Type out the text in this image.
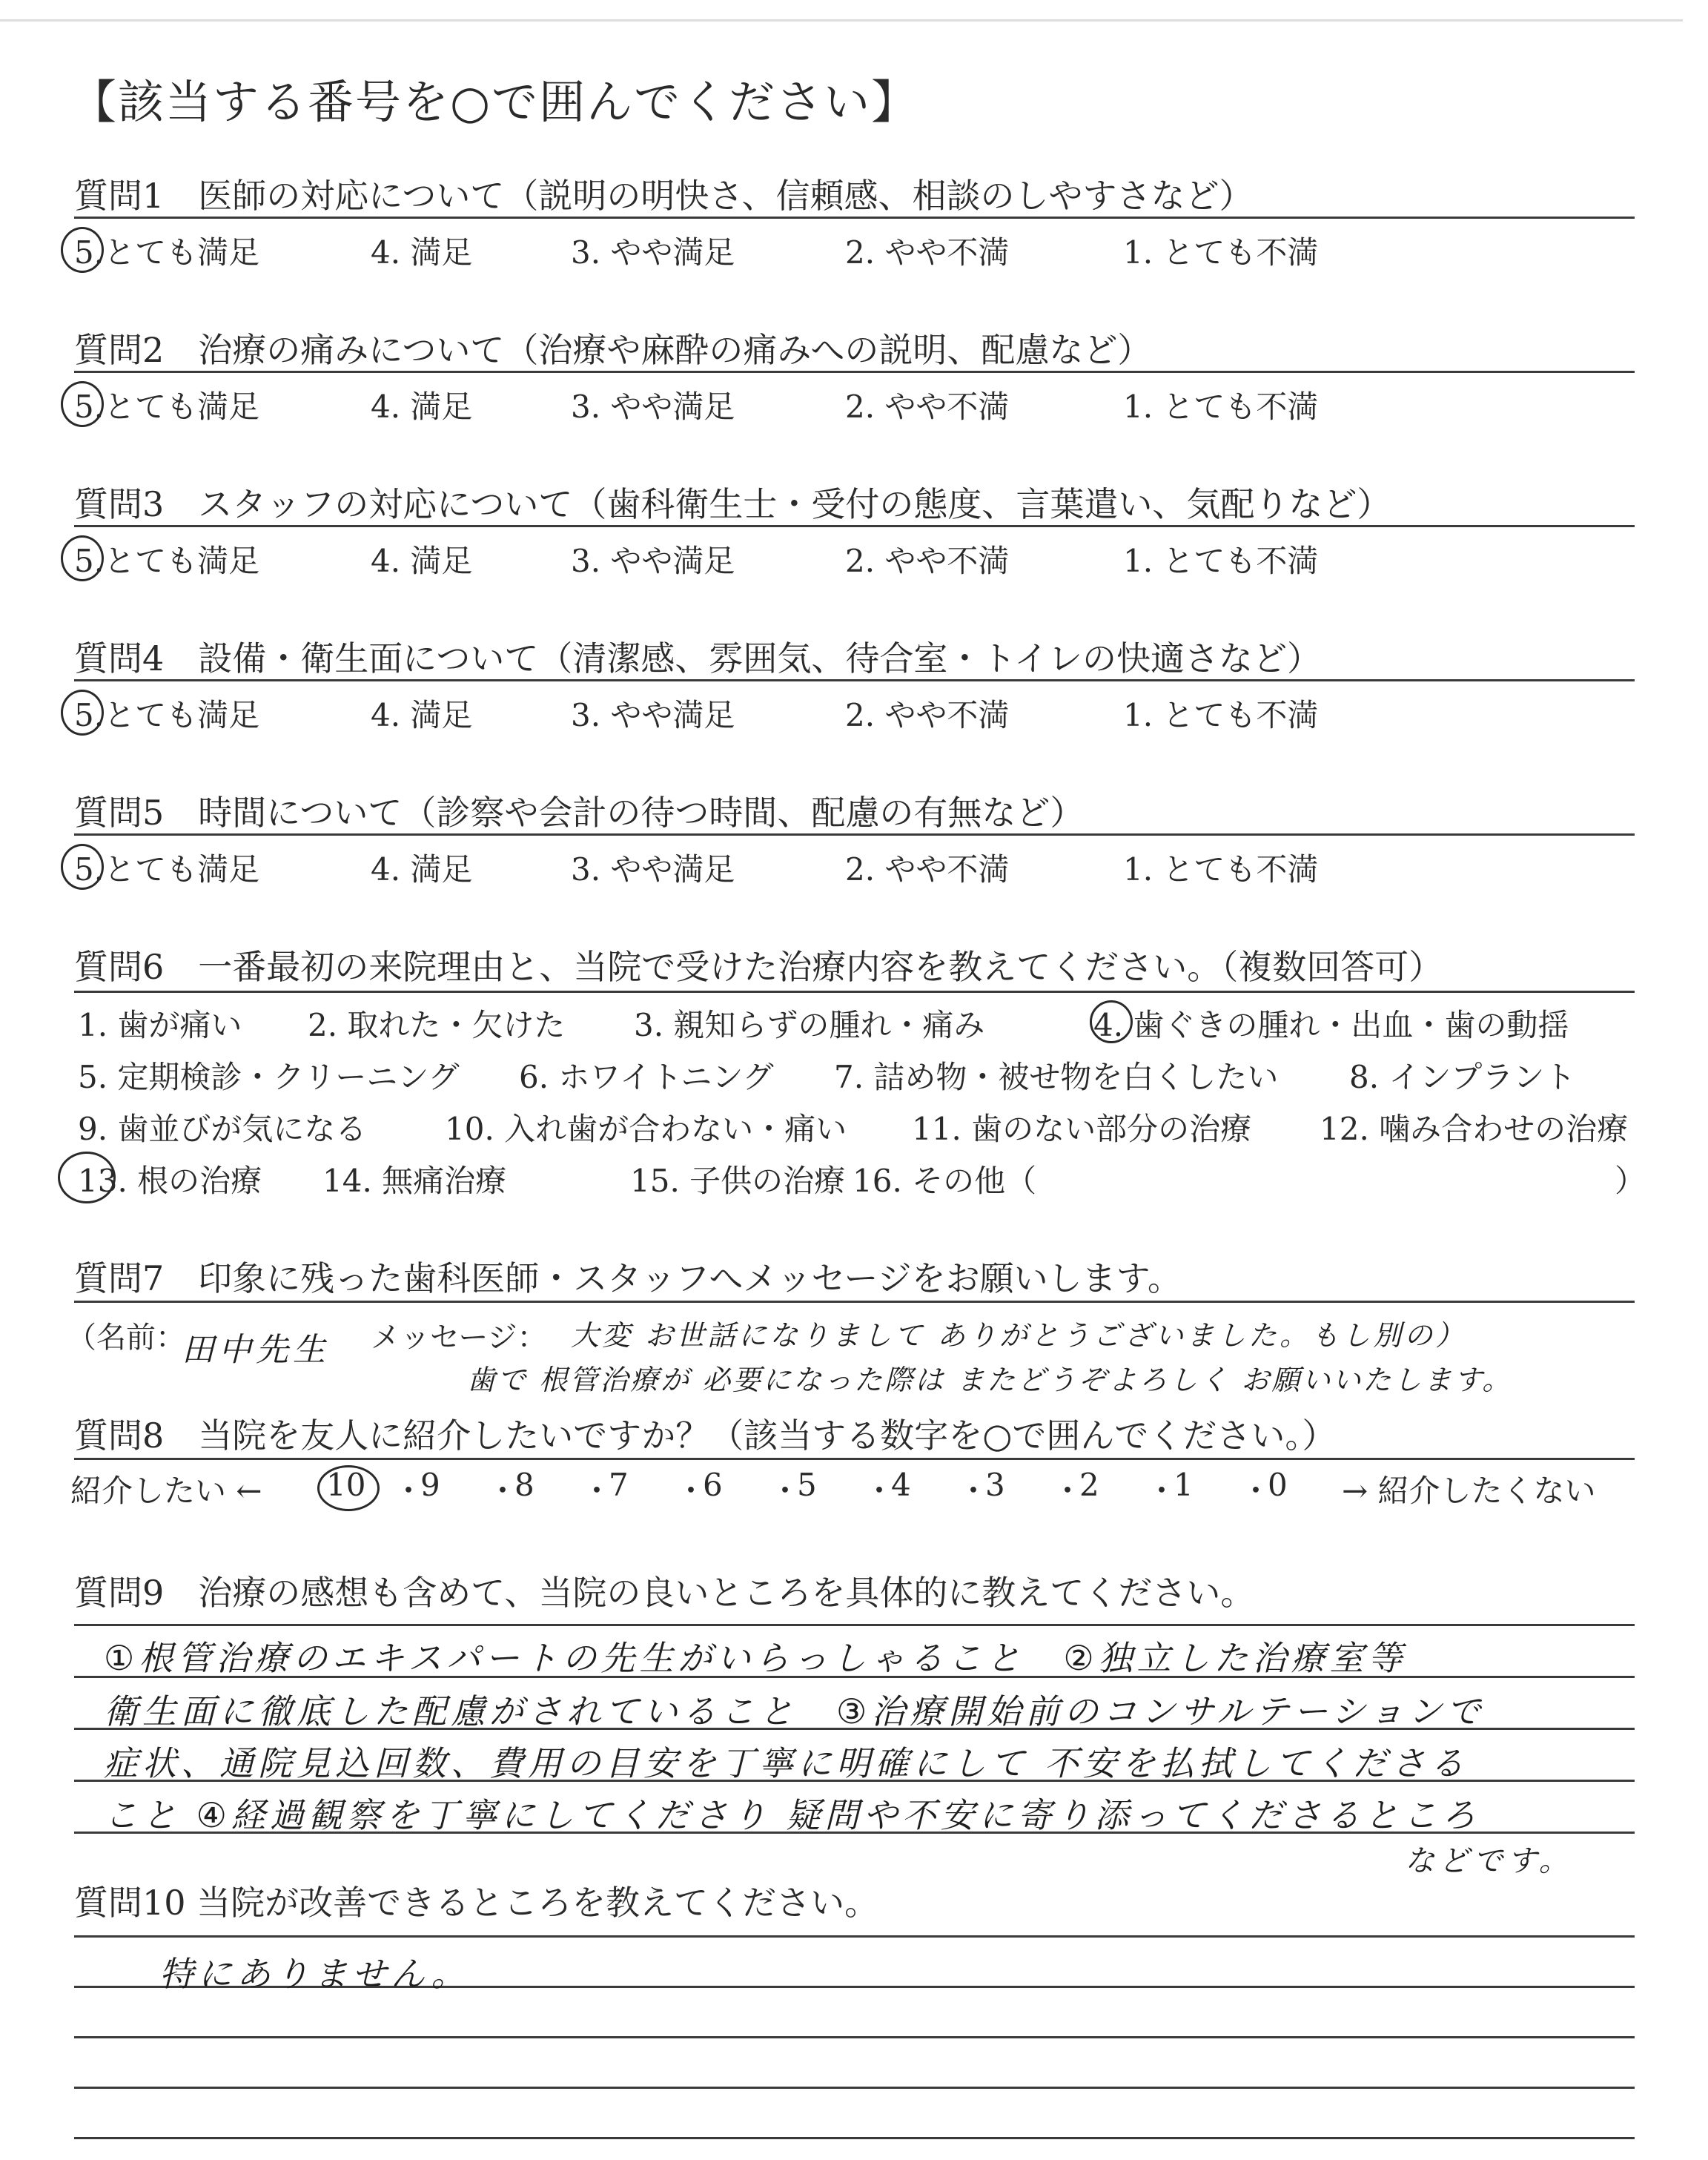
【該当する番号を○で囲んでください】
質問1　医師の対応について（説明の明快さ、信頼感、相談のしやすさなど）
5.とても満足	4. 満足	3. やや満足	2. やや不満	1. とても不満
質問2　治療の痛みについて（治療や麻酔の痛みへの説明、配慮など）
5.とても満足	4. 満足	3. やや満足	2. やや不満	1. とても不満
質問3　スタッフの対応について（歯科衛生士・受付の態度、言葉遣い、気配りなど）
5.とても満足	4. 満足	3. やや満足	2. やや不満	1. とても不満
質問4　設備・衛生面について（清潔感、雰囲気、待合室・トイレの快適さなど）
5.とても満足	4. 満足	3. やや満足	2. やや不満	1. とても不満
質問5　時間について（診察や会計の待つ時間、配慮の有無など）
5.とても満足	4. 満足	3. やや満足	2. やや不満	1. とても不満
質問6　一番最初の来院理由と、当院で受けた治療内容を教えてください。（複数回答可）
1. 歯が痛い 2. 取れた・欠けた 3. 親知らずの腫れ・痛み	4. 歯ぐきの腫れ・出血・歯の動揺
5. 定期検診・クリーニング 6. ホワイトニング 7. 詰め物・被せ物を白くしたい 8. インプラント
9. 歯並びが気になる	10. 入れ歯が合わない・痛い 11. 歯のない部分の治療 12. 噛み合わせの治療
13. 根の治療 14. 無痛治療	15. 子供の治療 16. その他（	）
質問7　印象に残った歯科医師・スタッフへメッセージをお願いします。
（名前：
田中先生 メッセージ： 大変 お世話になりまして ありがとうございました。もし別の）
歯で 根管治療が 必要になった際は またどうぞよろしく お願いいたします。
質問8　当院を友人に紹介したいですか？（該当する数字を○で囲んでください。）
紹介したい ← 10 ・
9 ・
8 ・
7 ・
6 ・
5 ・
4 ・
3 ・
2 ・
1 ・
0 → 紹介したくない
質問9　治療の感想も含めて、当院の良いところを具体的に教えてください。
①根管治療のエキスパートの先生がいらっしゃること　②独立した治療室等
衛生面に徹底した配慮がされていること　③治療開始前のコンサルテーションで
症状、通院見込回数、費用の目安を丁寧に明確にして 不安を払拭してくださる
こと ④経過観察を丁寧にしてくださり 疑問や不安に寄り添ってくださるところ
などです。
質問10 当院が改善できるところを教えてください。
特にありません。
